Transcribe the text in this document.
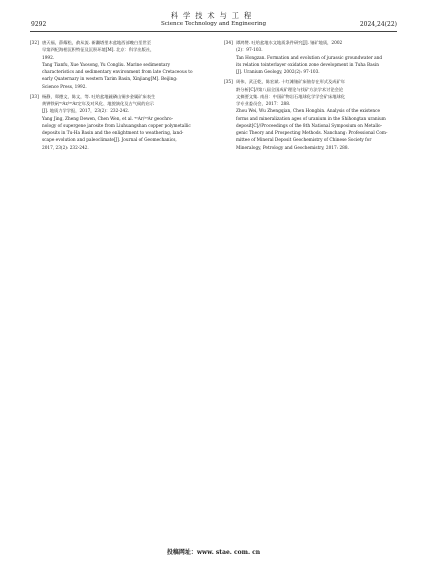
科学技术与工程
Science Technology and Engineering
9292	2024,24(22)
[32] 唐天福，薛耀松，俞从流. 新疆塔里木盆地西部晚白垩世至
早第四纪海相沉积特征及沉积环境[M]. 北京：科学出版社，
1992.
Tang Tianfu, Xue Yaosong, Yu Congliu. Marine sedimentary
characteristics and sedimentary environment from late Cretaceous to
early Quaternary in western Tarim Basin, Xinjiang[M]. Beijing:
Science Press, 1992.
[33] 杨静，郑德文，陈文，等. 吐哈盆地硫磷山铜多金属矿床表生
黄钾铁矾⁴⁰Ar/³⁹Ar定年及对风化、地貌演化及古气候的启示
[J]. 地质力学学报，2017，23(2)：232-242.
Yang Jing, Zheng Dewen, Chen Wen, et al. ⁴⁰Ar/³⁹Ar geochro-
nology of supergene jarosite from Liuhuangshan copper polymetallic
deposits in Tu-Ha Basin and the enlightment to weathering, land-
scape evolution and paleoclimate[J]. Journal of Geomechanics,
2017, 23(2): 232-242.
[34] 谭鸿赞. 吐哈盆地水文地质条件研究[J]. 铀矿地质，2002
(2)：97-103.
Tan Hongzan. Formation and evolution of jurassic groundwater and
its relation tointerlayer oxidation zone development in Tuha Basin
[J]. Uranium Geology, 2002(2): 97-103.
[35] 周伟，武正乾，陈宏斌. 十红滩铀矿床铀存在形式及成矿年
龄分析[C]//第八届全国成矿理论与找矿方法学术讨论会论
文摘要文集. 南昌：中国矿物岩石地球化学学会矿床地球化
学专业委员会，2017：288.
Zhou Wei, Wu Zhengqian, Chen Hongbin. Analysis of the existence
forms and mineralization ages of uranium in the Shihongtan uranium
deposit[C]//Proceedings of the 8th National Symposium on Metallo-
genic Theory and Prospecting Methods. Nanchang: Professional Com-
mittee of Mineral Deposit Geochemistry of Chinese Society for
Mineralogy, Petrology and Geochemistry, 2017: 288.
投稿网址：www. stae. com. cn
